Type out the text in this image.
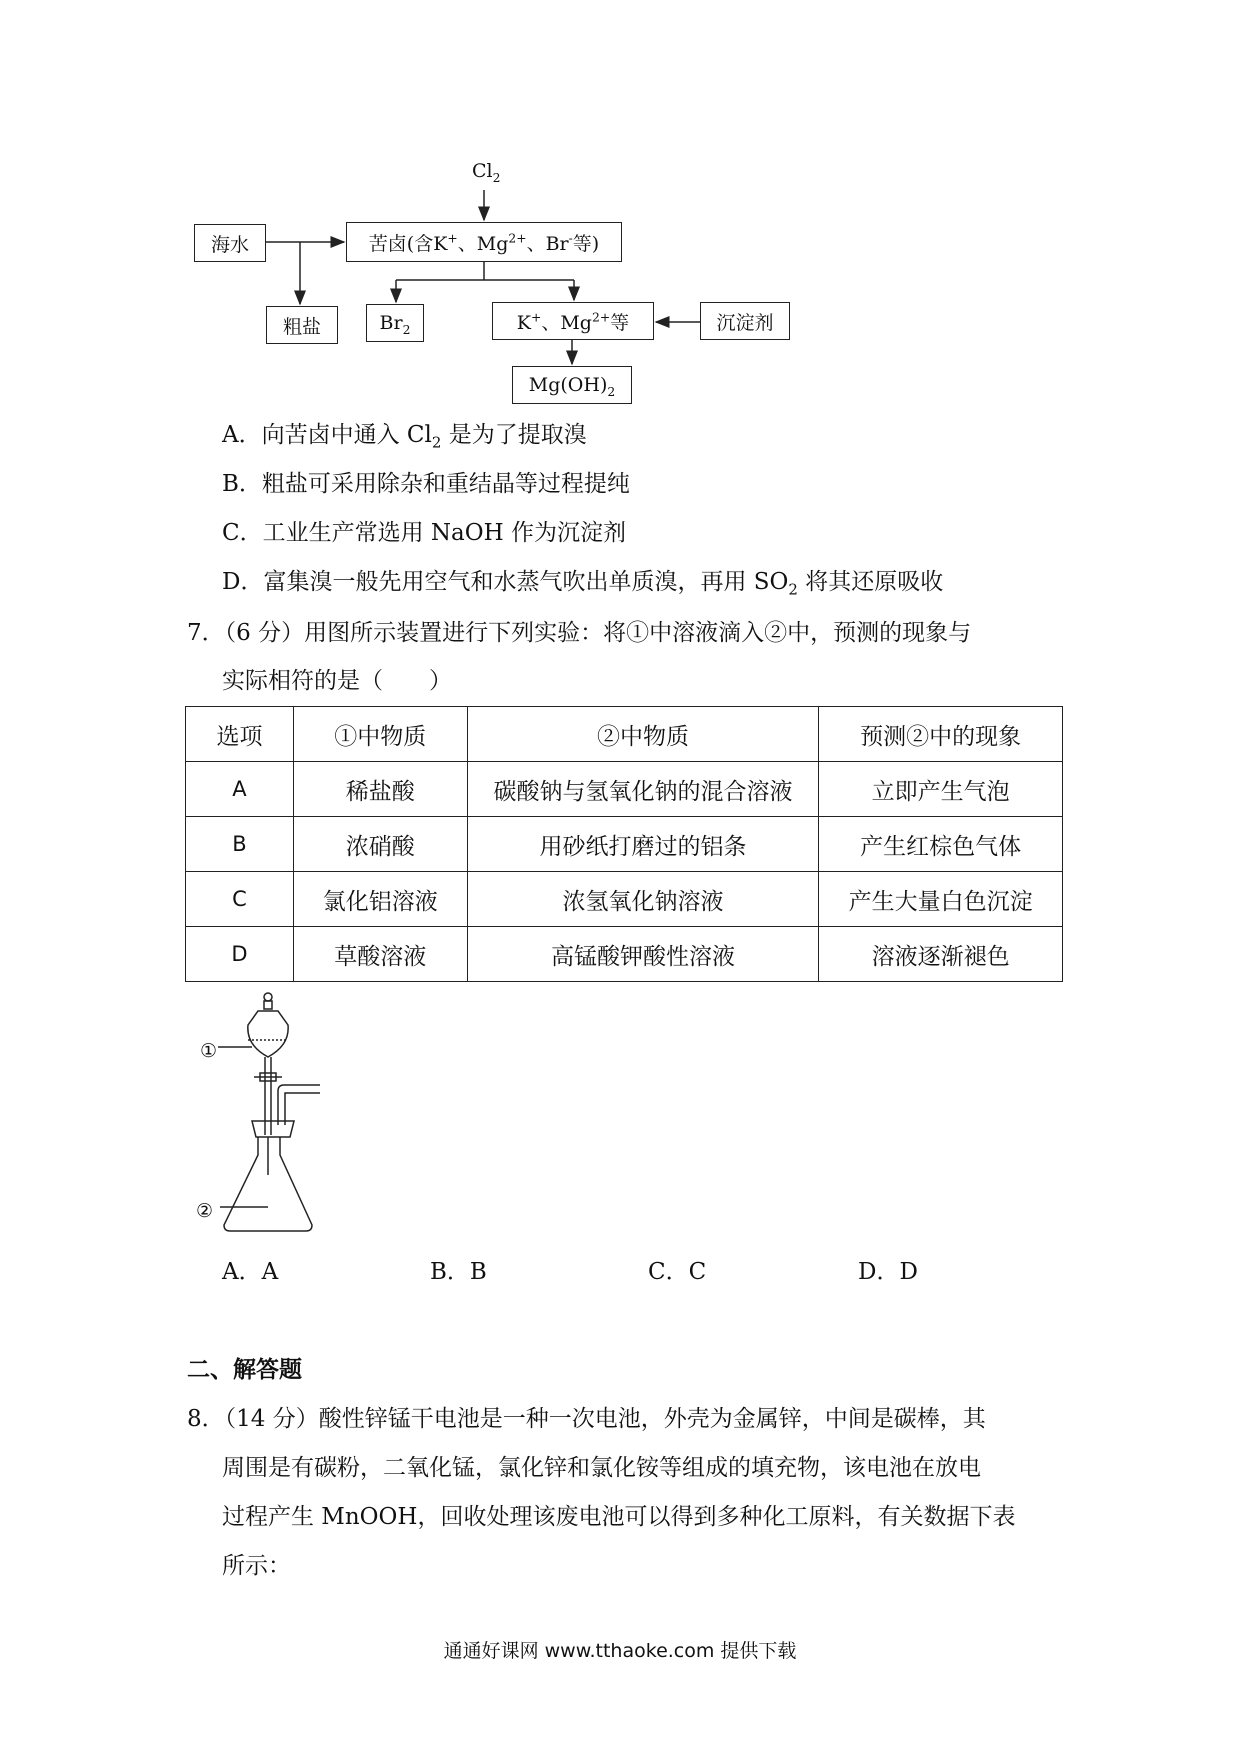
$Cl_2$
海水	苦卤(含K+、$Mg^{2+}$、Br-等)
粗盐	$Br_2$	K+、$Mg^{2+}$等	沉淀剂
$Mg(OH)_2$
A．向苦卤中通入 $Cl_2$ 是为了提取溴
B．粗盐可采用除杂和重结晶等过程提纯
C．工业生产常选用 NaOH 作为沉淀剂
D．富集溴一般先用空气和水蒸气吹出单质溴，再用 $SO_2$ 将其还原吸收
7．（6 分）用图所示装置进行下列实验：将①中溶液滴入②中，预测的现象与
实际相符的是（　　）
选项	①中物质	②中物质	预测②中的现象
A	稀盐酸	碳酸钠与氢氧化钠的混合溶液	立即产生气泡
B	浓硝酸	用砂纸打磨过的铝条	产生红棕色气体
C	氯化铝溶液	浓氢氧化钠溶液	产生大量白色沉淀
D	草酸溶液	高锰酸钾酸性溶液	溶液逐渐褪色
①
②
A．A	B．B	C．C	D．D
二、解答题
8．（14 分）酸性锌锰干电池是一种一次电池，外壳为金属锌，中间是碳棒，其
周围是有碳粉，二氧化锰，氯化锌和氯化铵等组成的填充物，该电池在放电
过程产生 MnOOH，回收处理该废电池可以得到多种化工原料，有关数据下表
所示：
通通好课网 www.tthaoke.com 提供下载
